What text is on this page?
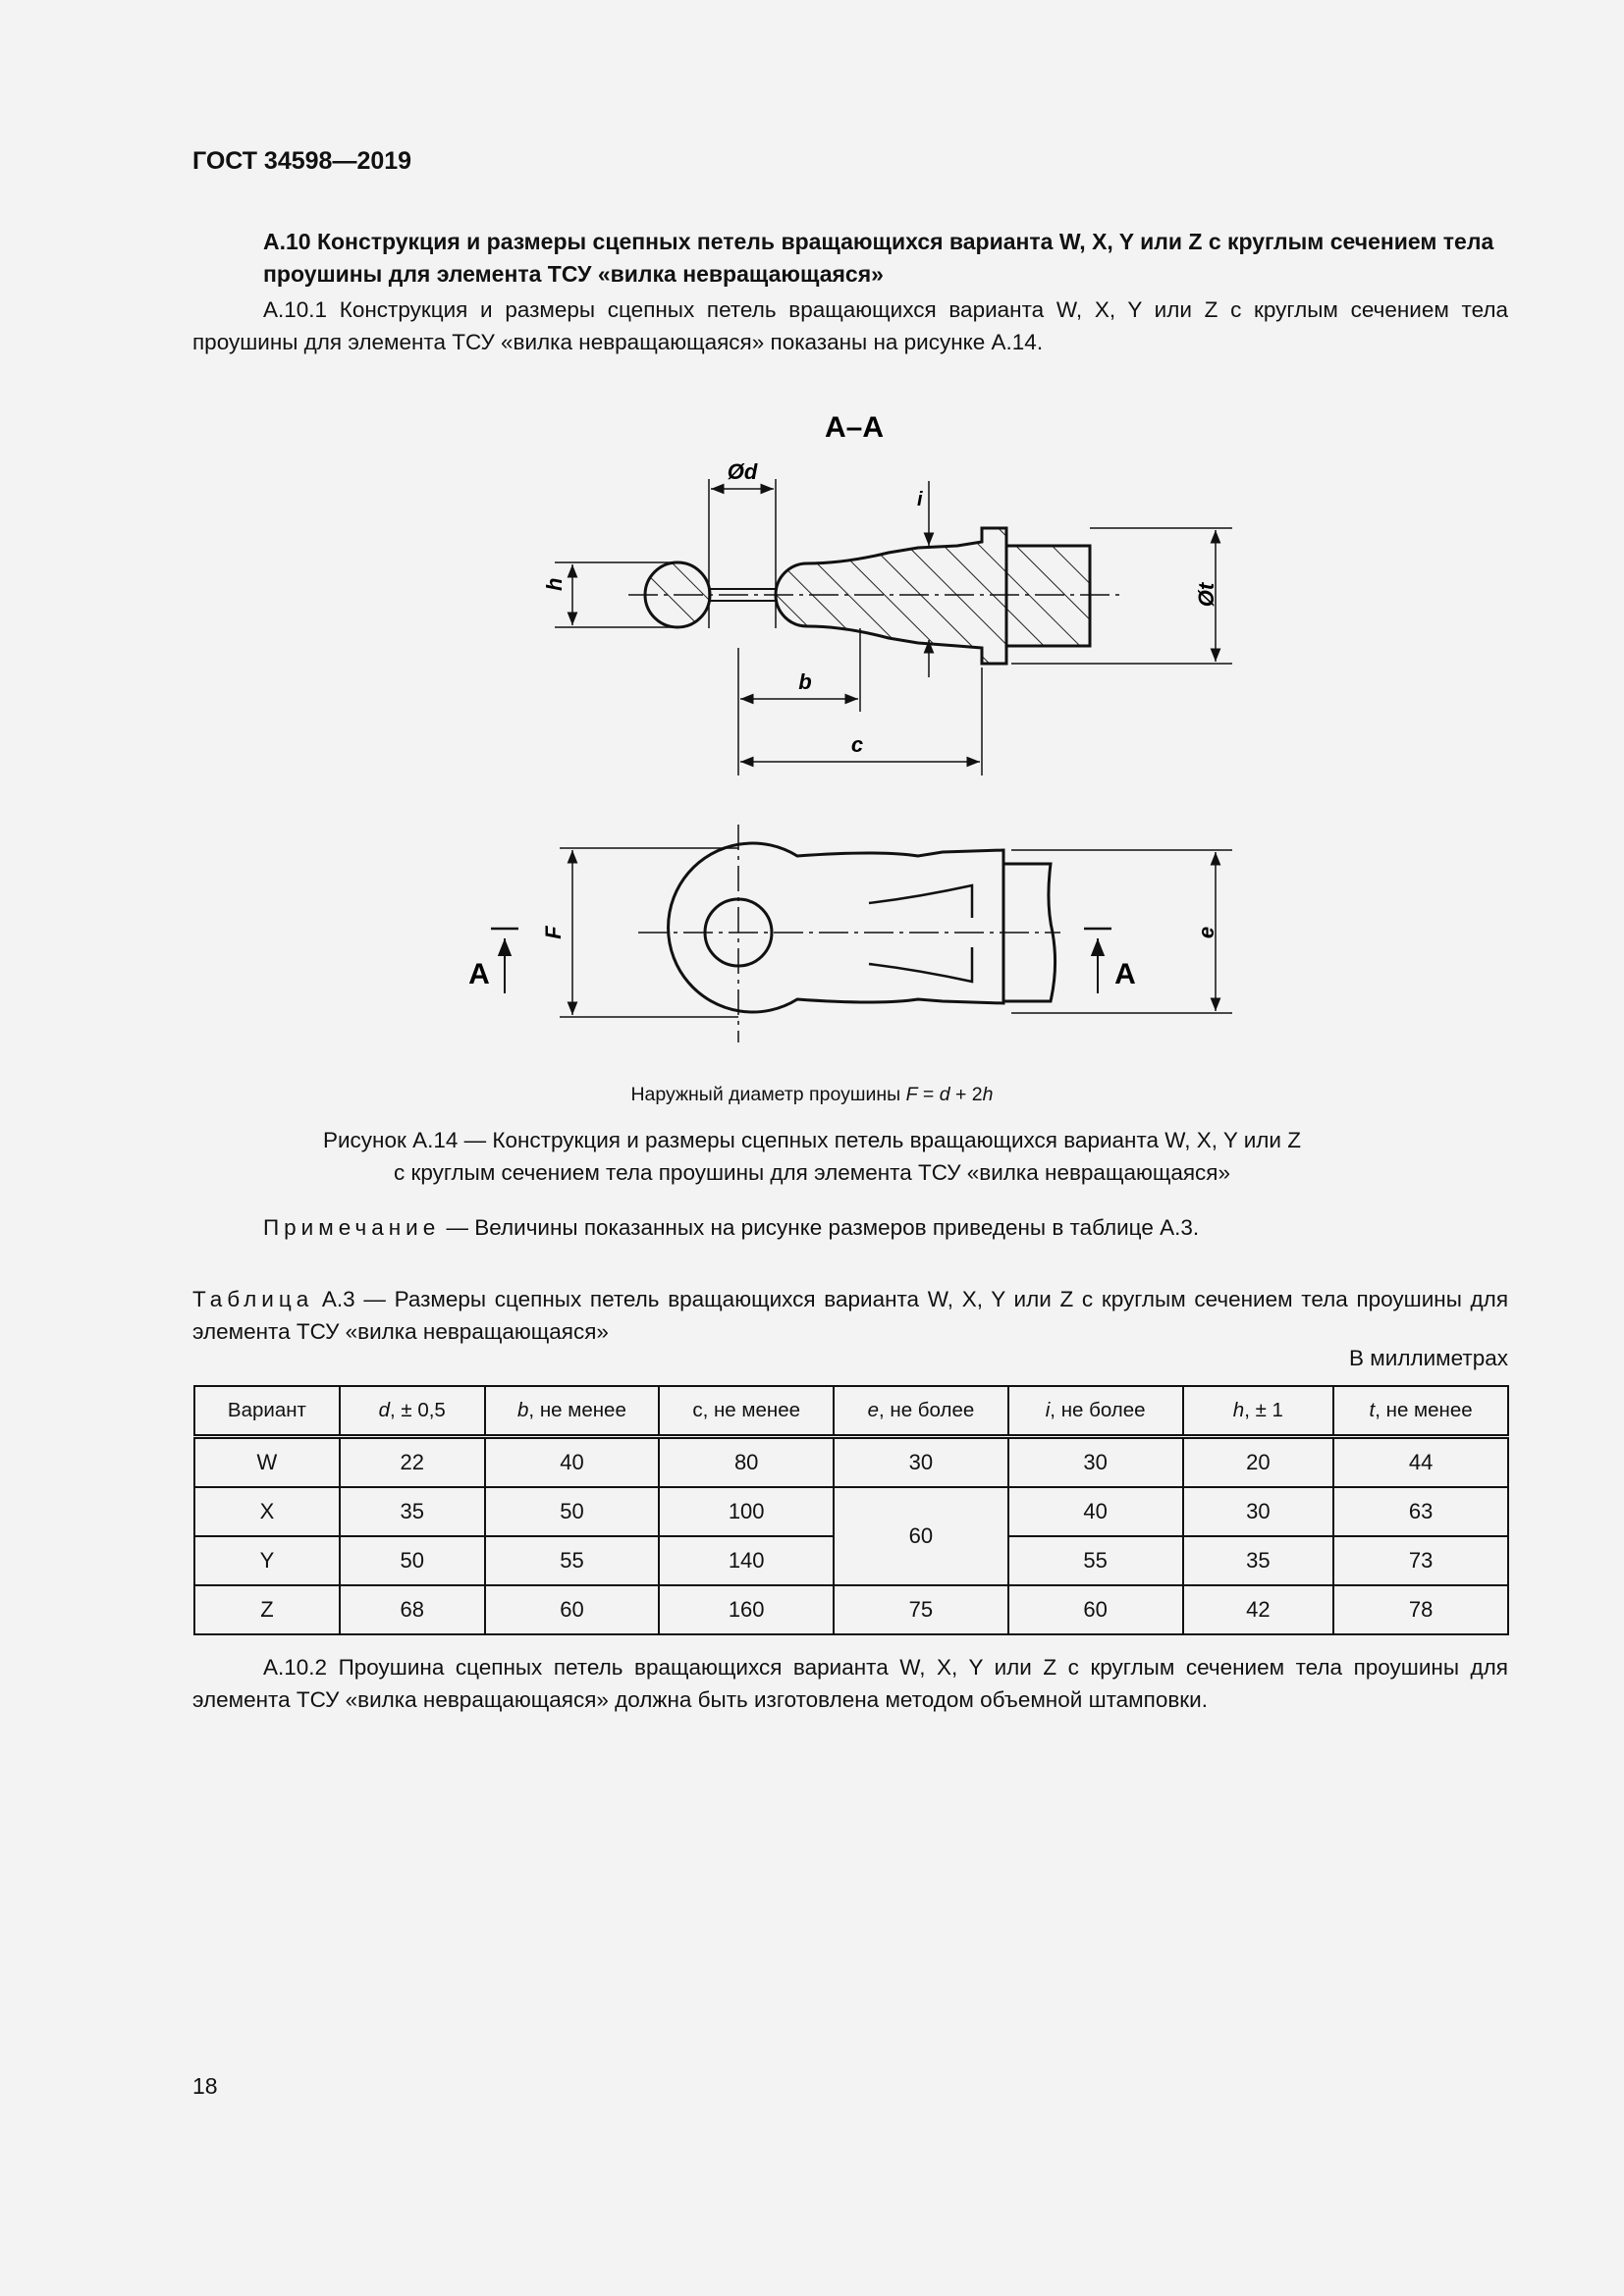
ГОСТ 34598—2019
А.10 Конструкция и размеры сцепных петель вращающихся варианта W, X, Y или Z с круглым сечением тела проушины для элемента ТСУ «вилка невращающаяся»
А.10.1 Конструкция и размеры сцепных петель вращающихся варианта W, X, Y или Z с круглым сечением тела проушины для элемента ТСУ «вилка невращающаяся» показаны на рисунке А.14.
А–А
Ød
i
h	Øt
b
c
F	e
А	А
Наружный диаметр проушины F = d + 2h
Рисунок А.14 — Конструкция и размеры сцепных петель вращающихся варианта W, X, Y или Z
с круглым сечением тела проушины для элемента ТСУ «вилка невращающаяся»
Примечание — Величины показанных на рисунке размеров приведены в таблице А.3.
Таблица А.3 — Размеры сцепных петель вращающихся варианта W, X, Y или Z с круглым сечением тела проушины для элемента ТСУ «вилка невращающаяся»
В миллиметрах
Вариант	d, ± 0,5	b, не менее	c, не менее	e, не более	i, не более	h, ± 1	t, не менее
W	22	40	80	30	30	20	44
X	35	50	100	60	40	30	63
Y	50	55	140		55	35	73
Z	68	60	160	75	60	42	78
А.10.2 Проушина сцепных петель вращающихся варианта W, X, Y или Z с круглым сечением тела проушины для элемента ТСУ «вилка невращающаяся» должна быть изготовлена методом объемной штамповки.
18
